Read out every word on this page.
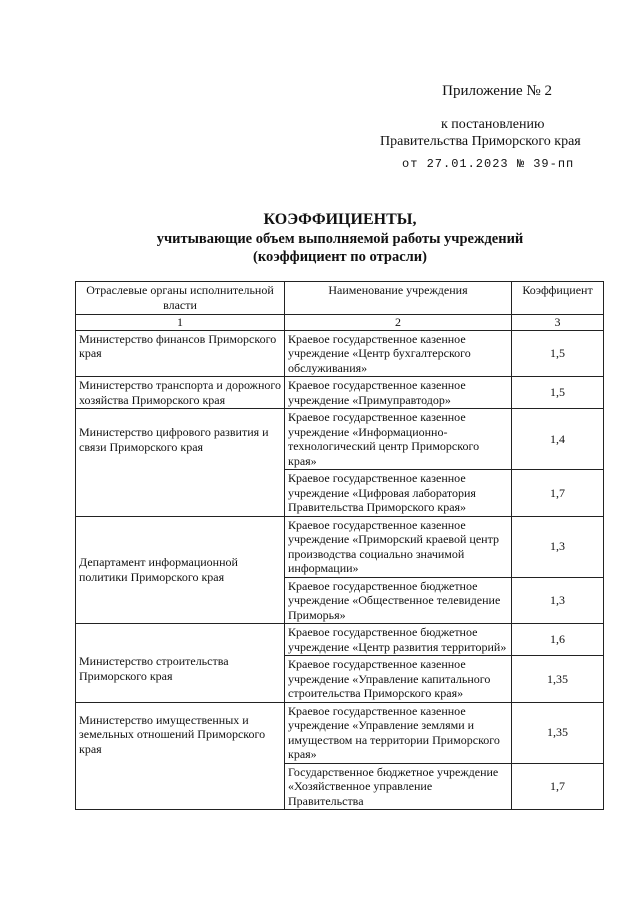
Приложение № 2
к постановлению
Правительства Приморского края
от 27.01.2023 № 39-пп
КОЭФФИЦИЕНТЫ,
учитывающие объем выполняемой работы учреждений
(коэффициент по отрасли)
Отраслевые органы исполнительной власти	Наименование учреждения	Коэффициент
1	2	3
Министерство финансов Приморского края	Краевое государственное казенное учреждение «Центр бухгалтерского обслуживания»	1,5
Министерство транспорта и дорожного хозяйства Приморского края	Краевое государственное казенное учреждение «Примуправтодор»	1,5
Министерство цифрового развития и связи Приморского края	Краевое государственное казенное учреждение «Информационно-технологический центр Приморского края»	1,4
	Краевое государственное казенное учреждение «Цифровая лаборатория Правительства Приморского края»	1,7
Департамент информационной политики Приморского края	Краевое государственное казенное учреждение «Приморский краевой центр производства социально значимой информации»	1,3
	Краевое государственное бюджетное учреждение «Общественное телевидение Приморья»	1,3
Министерство строительства Приморского края	Краевое государственное бюджетное учреждение «Центр развития территорий»	1,6
	Краевое государственное казенное учреждение «Управление капитального строительства Приморского края»	1,35
Министерство имущественных и земельных отношений Приморского края	Краевое государственное казенное учреждение «Управление землями и имуществом на территории Приморского края»	1,35
	Государственное бюджетное учреждение «Хозяйственное управление Правительства	1,7
